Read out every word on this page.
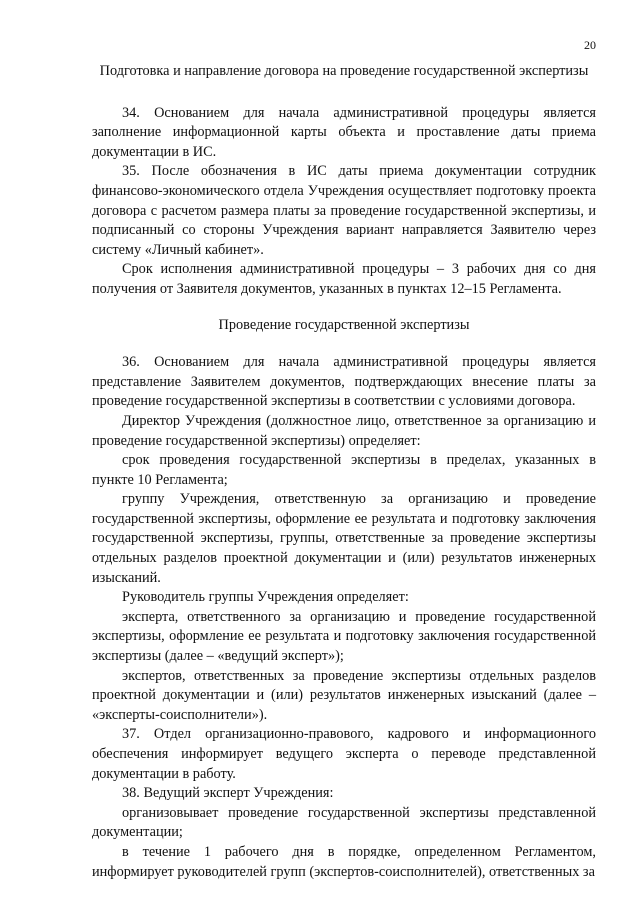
20

Подготовка и направление договора на проведение государственной экспертизы

34. Основанием для начала административной процедуры является заполнение информационной карты объекта и проставление даты приема документации в ИС.

35. После обозначения в ИС даты приема документации сотрудник финансово-экономического отдела Учреждения осуществляет подготовку проекта договора с расчетом размера платы за проведение государственной экспертизы, и подписанный со стороны Учреждения вариант направляется Заявителю через систему «Личный кабинет».

Срок исполнения административной процедуры – 3 рабочих дня со дня получения от Заявителя документов, указанных в пунктах 12–15 Регламента.

Проведение государственной экспертизы

36. Основанием для начала административной процедуры является представление Заявителем документов, подтверждающих внесение платы за проведение государственной экспертизы в соответствии с условиями договора.

Директор Учреждения (должностное лицо, ответственное за организацию и проведение государственной экспертизы) определяет:

срок проведения государственной экспертизы в пределах, указанных в пункте 10 Регламента;

группу Учреждения, ответственную за организацию и проведение государственной экспертизы, оформление ее результата и подготовку заключения государственной экспертизы, группы, ответственные за проведение экспертизы отдельных разделов проектной документации и (или) результатов инженерных изысканий.

Руководитель группы Учреждения определяет:

эксперта, ответственного за организацию и проведение государственной экспертизы, оформление ее результата и подготовку заключения государственной экспертизы (далее – «ведущий эксперт»);

экспертов, ответственных за проведение экспертизы отдельных разделов проектной документации и (или) результатов инженерных изысканий (далее – «эксперты-соисполнители»).

37. Отдел организационно-правового, кадрового и информационного обеспечения информирует ведущего эксперта о переводе представленной документации в работу.

38. Ведущий эксперт Учреждения:

организовывает проведение государственной экспертизы представленной документации;

в течение 1 рабочего дня в порядке, определенном Регламентом, информирует руководителей групп (экспертов-соисполнителей), ответственных за
